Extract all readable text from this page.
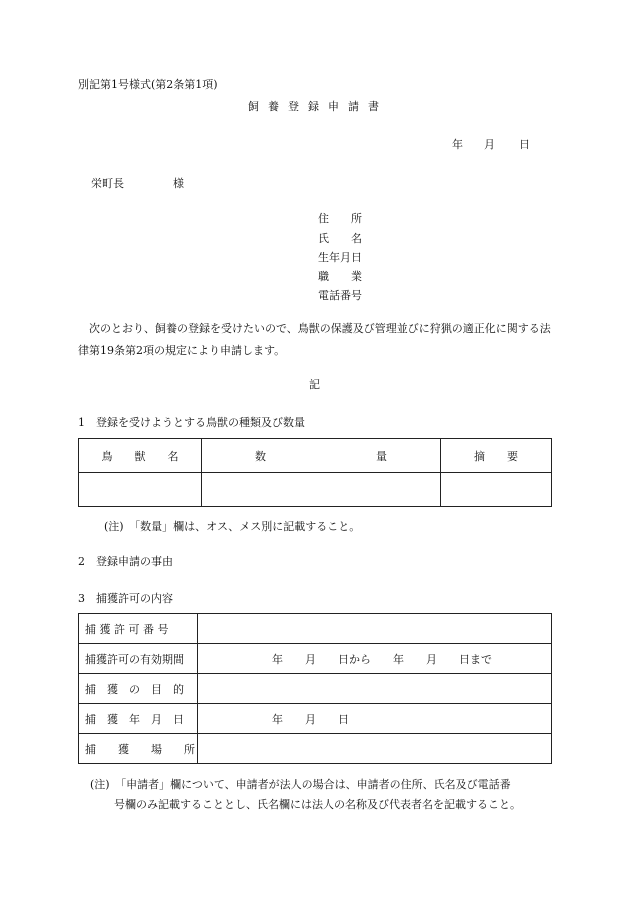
別記第1号様式(第2条第1項)
飼養登録申請書
年 月 日
栄町長	様
住　　所
氏　　名
生年月日
職　　業
電話番号
次のとおり、飼養の登録を受けたいので、鳥獣の保護及び管理並びに狩猟の適正化に関する法律第19条第2項の規定により申請します。
記
1　登録を受けようとする鳥獣の種類及び数量
鳥　　獣　　名	数　　　　　　　　　　量	摘　　要

(注)　「数量」欄は、オス、メス別に記載すること。
2　登録申請の事由
3　捕獲許可の内容
捕 獲 許 可 番 号	
捕獲許可の有効期間	年　　月　　日から　　年　　月　　日まで
捕　獲　の　目　的	
捕　獲　年　月　日	年　　月　　日
捕　　獲　　場　　所	
(注)　「申請者」欄について、申請者が法人の場合は、申請者の住所、氏名及び電話番
号欄のみ記載することとし、氏名欄には法人の名称及び代表者名を記載すること。
